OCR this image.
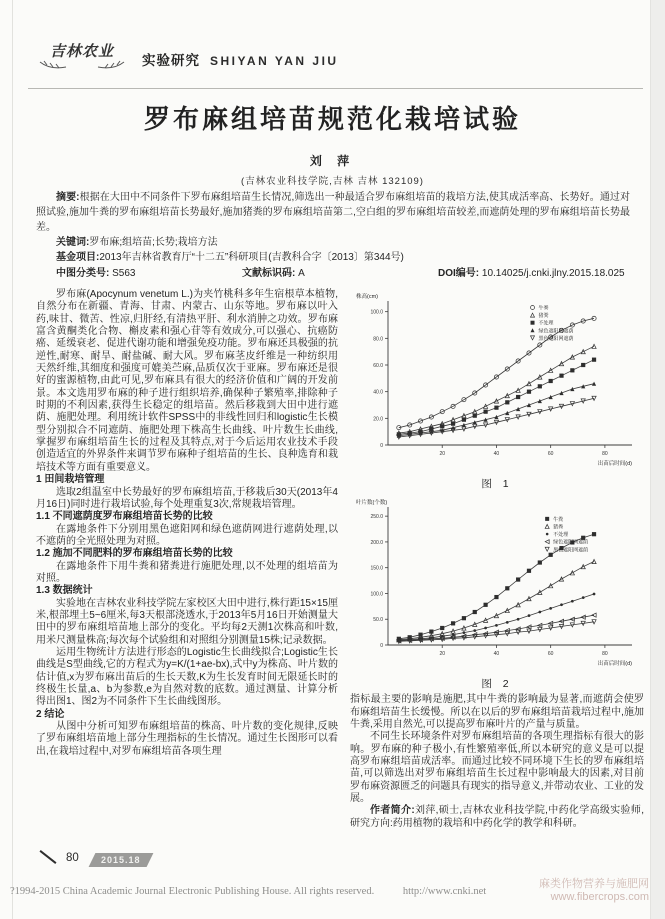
吉林农业
实验研究 SHIYAN YAN JIU
罗布麻组培苗规范化栽培试验
刘 萍
(吉林农业科技学院,吉林 吉林 132109)

摘要:根据在大田中不同条件下罗布麻组培苗生长情况,筛选出一种最适合罗布麻组培苗的栽培方法,使其成活率高、长势好。通过对照试验,施加牛粪的罗布麻组培苗长势最好,施加猪粪的罗布麻组培苗第二,空白组的罗布麻组培苗较差,而遮荫处理的罗布麻组培苗长势最差。

关键词:罗布麻;组培苗;长势;栽培方法

基金项目:2013年吉林省教育厅“十二五”科研项目(吉教科合字〔2013〕第344号)

中图分类号: S563	文献标识码: A	DOI编号: 10.14025/j.cnki.jlny.2015.18.025
罗布麻(Apocynum venetum L.)为夹竹桃科多年生宿根草本植物,自然分布在新疆、青海、甘肃、内蒙古、山东等地。罗布麻以叶入药,味甘、微苦、性凉,归肝经,有清热平肝、利水消肿之功效。罗布麻富含黄酮类化合物、槲皮素和强心苷等有效成分,可以强心、抗癌防癌、延缓衰老、促进代谢功能和增强免疫功能。罗布麻还具极强的抗逆性,耐寒、耐旱、耐盐碱、耐大风。罗布麻茎皮纤维是一种纺织用天然纤维,其细度和强度可媲美苎麻,品质仅次于亚麻。罗布麻还是很好的蜜源植物,由此可见,罗布麻具有很大的经济价值和广阔的开发前景。本文选用罗布麻的种子进行组织培养,确保种子繁殖率,排除种子时期的不利因素,获得生长稳定的组培苗。然后移栽到大田中进行遮荫、施肥处理。利用统计软件SPSS中的非线性回归和logistic生长模型分别拟合不同遮荫、施肥处理下株高生长曲线、叶片数生长曲线,掌握罗布麻组培苗生长的过程及其特点,对于今后运用农业技术手段创造适宜的外界条件来调节罗布麻种子组培苗的生长、良种选育和栽培技术等方面有重要意义。
1 田间栽培管理
选取2组温室中长势最好的罗布麻组培苗,于移栽后30天(2013年4月16日)同时进行栽培试验,每个处理重复3次,常规栽培管理。
1.1 不同遮荫度罗布麻组培苗长势的比较
在露地条件下分别用黑色遮阳网和绿色遮荫网进行遮荫处理,以不遮荫的全光照处理为对照。
1.2 施加不同肥料的罗布麻组培苗长势的比较
在露地条件下用牛粪和猪粪进行施肥处理,以不处理的组培苗为对照。
1.3 数据统计
实验地在吉林农业科技学院左家校区大田中进行,株行距15×15厘米,根部埋土5~6厘米,每3天根部浇透水,于2013年5月16日开始测量大田中的罗布麻组培苗地上部分的变化。平均每2天测1次株高和叶数,用米尺测量株高;每次每个试验组和对照组分别测量15株;记录数据。
运用生物统计方法进行形态的Logistic生长曲线拟合;Logistic生长曲线是S型曲线,它的方程式为y=K/(1+ae-bx),式中y为株高、叶片数的估计值,x为罗布麻出苗后的生长天数,K为生长发育时间无限延长时的终极生长量,a、b为参数,e为自然对数的底数。通过测量、计算分析得出图1、图2为不同条件下生长曲线图形。
2 结论
从图中分析可知罗布麻组培苗的株高、叶片数的变化规律,反映了罗布麻组培苗地上部分生理指标的生长情况。通过生长图形可以看出,在栽培过程中,对罗布麻组培苗各项生理
0
20.0
40.0
60.0
80.0
100.0
20	40	60	80
株高(cm)
出苗后时间(d)
牛粪
猪粪
不处理
绿色遮阳网遮荫
黑色遮阳网遮荫
图 1
0
50.0
100.0
150.0
200.0
250.0
20	40	60	80
叶片数(个数)
出苗后时间(d)
牛粪
猪粪
不处理
绿色遮阳网遮荫
黑色遮阳网遮荫
图 2
指标最主要的影响是施肥,其中牛粪的影响最为显著,而遮荫会使罗布麻组培苗生长缓慢。所以在以后的罗布麻组培苗栽培过程中,施加牛粪,采用自然光,可以提高罗布麻叶片的产量与质量。
不同生长环境条件对罗布麻组培苗的各项生理指标有很大的影响。罗布麻的种子极小,有性繁殖率低,所以本研究的意义是可以提高罗布麻组培苗成活率。而通过比较不同环境下生长的罗布麻组培苗,可以筛选出对罗布麻组培苗生长过程中影响最大的因素,对目前罗布麻资源匮乏的问题具有现实的指导意义,并带动农业、工业的发展。
作者简介:刘萍,硕士,吉林农业科技学院,中药化学高级实验师,研究方向:药用植物的栽培和中药化学的教学和科研。
80 2015.18
?1994-2015 China Academic Journal Electronic Publishing House. All rights reserved.	http://www.cnki.net
麻类作物营养与施肥网
www.fibercrops.com
